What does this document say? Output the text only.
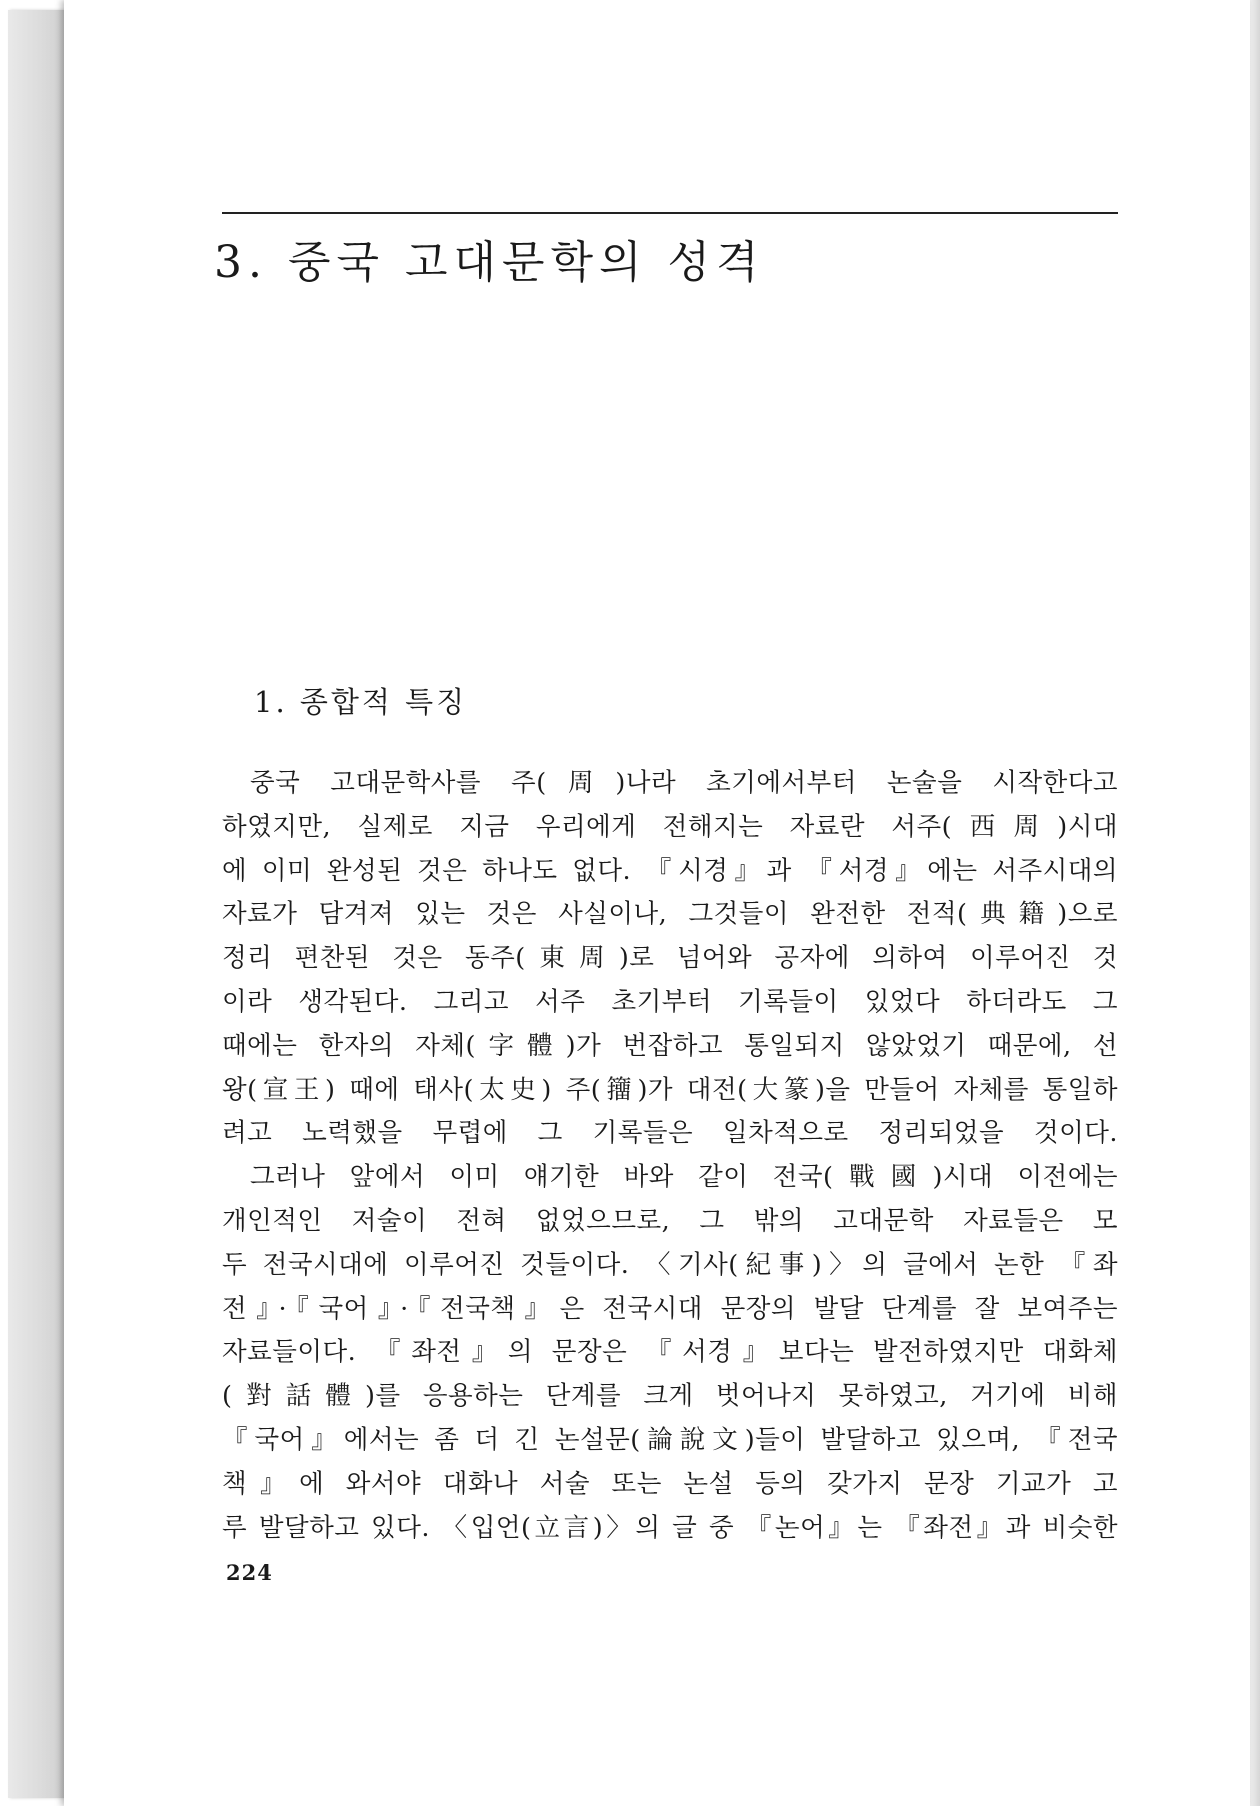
3. 중국 고대문학의 성격
1. 종합적 특징
중국 고대문학사를 주(周)나라 초기에서부터 논술을 시작한다고
하였지만, 실제로 지금 우리에게 전해지는 자료란 서주(西周)시대
에 이미 완성된 것은 하나도 없다. 『시경』과 『서경』에는 서주시대의
자료가 담겨져 있는 것은 사실이나, 그것들이 완전한 전적(典籍)으로
정리 편찬된 것은 동주(東周)로 넘어와 공자에 의하여 이루어진 것
이라 생각된다. 그리고 서주 초기부터 기록들이 있었다 하더라도 그
때에는 한자의 자체(字體)가 번잡하고 통일되지 않았었기 때문에, 선
왕(宣王) 때에 태사(太史) 주(籒)가 대전(大篆)을 만들어 자체를 통일하
려고 노력했을 무렵에 그 기록들은 일차적으로 정리되었을 것이다.
그러나 앞에서 이미 얘기한 바와 같이 전국(戰國)시대 이전에는
개인적인 저술이 전혀 없었으므로, 그 밖의 고대문학 자료들은 모
두 전국시대에 이루어진 것들이다. 〈기사(紀事)〉의 글에서 논한 『좌
전』·『국어』·『전국책』은 전국시대 문장의 발달 단계를 잘 보여주는
자료들이다. 『좌전』의 문장은 『서경』보다는 발전하였지만 대화체
(對話體)를 응용하는 단계를 크게 벗어나지 못하였고, 거기에 비해
『국어』에서는 좀 더 긴 논설문(論說文)들이 발달하고 있으며, 『전국
책』에 와서야 대화나 서술 또는 논설 등의 갖가지 문장 기교가 고
루 발달하고 있다. 〈입언(立言)〉의 글 중 『논어』는 『좌전』과 비슷한
224
